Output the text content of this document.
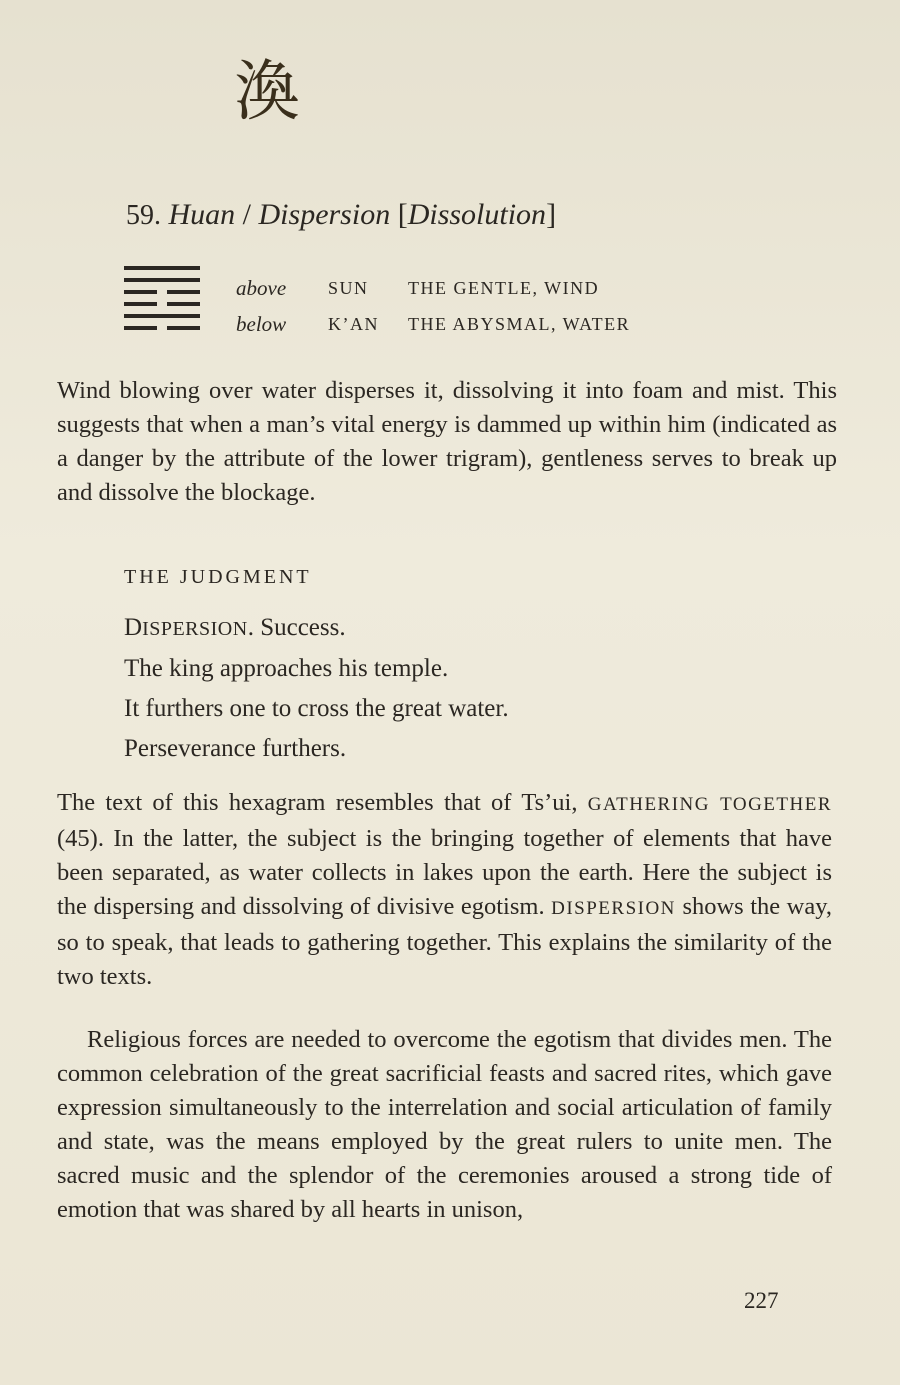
渙
59. Huan / Dispersion [Dissolution]
above	SUN	THE GENTLE, WIND
below	K’AN	THE ABYSMAL, WATER

Wind blowing over water disperses it, dissolving it into foam and mist. This suggests that when a man’s vital energy is dammed up within him (indicated as a danger by the attribute of the lower trigram), gentleness serves to break up and dissolve the blockage.

THE JUDGMENT
DISPERSION. Success.
The king approaches his temple.
It furthers one to cross the great water.
Perseverance furthers.

The text of this hexagram resembles that of Ts’ui, GATHERING TOGETHER (45). In the latter, the subject is the bringing together of elements that have been separated, as water collects in lakes upon the earth. Here the subject is the dispersing and dissolving of divisive egotism. DISPERSION shows the way, so to speak, that leads to gathering together. This explains the similarity of the two texts.

Religious forces are needed to overcome the egotism that divides men. The common celebration of the great sacrificial feasts and sacred rites, which gave expression simultaneously to the interrelation and social articulation of family and state, was the means employed by the great rulers to unite men. The sacred music and the splendor of the ceremonies aroused a strong tide of emotion that was shared by all hearts in unison,

227
